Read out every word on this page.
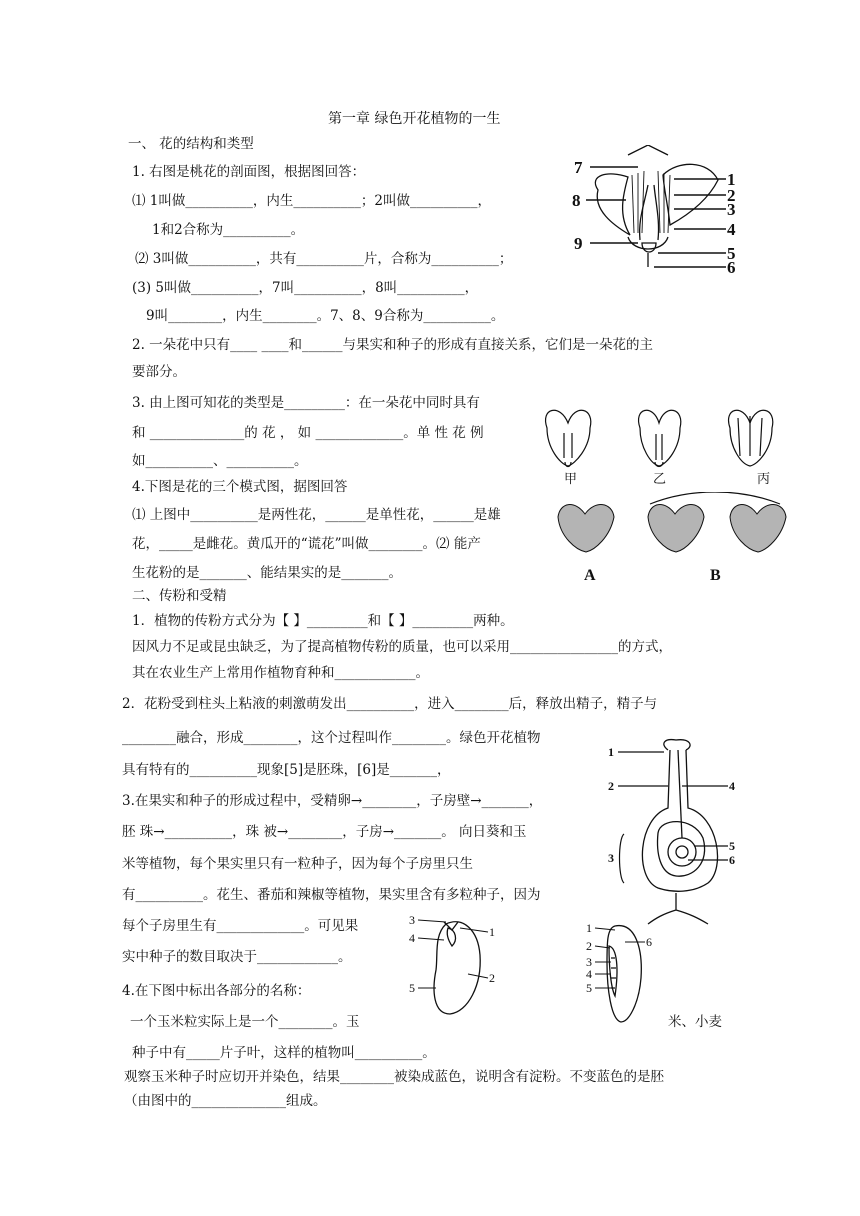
第一章 绿色开花植物的一生
一、 花的结构和类型
1. 右图是桃花的剖面图，根据图回答：
⑴ 1叫做__________，内生__________；2叫做__________，
1和2合称为__________。
⑵ 3叫做__________，共有__________片，合称为__________；
(3) 5叫做__________，7叫__________，8叫__________，
9叫________，内生________。7、8、9合称为__________。
2. 一朵花中只有____ ____和______与果实和种子的形成有直接关系，它们是一朵花的主
要部分。
3. 由上图可知花的类型是_________：在一朵花中同时具有
和 ______________的 花 ， 如 _____________。单 性 花 例
如__________、__________。
4.下图是花的三个模式图，据图回答
⑴ 上图中__________是两性花，______是单性花，______是雄
花，_____是雌花。黄瓜开的“谎花”叫做________。⑵ 能产
生花粉的是_______、能结果实的是_______。
二、传粉和受精
1．植物的传粉方式分为【 】_________和【 】_________两种。
因风力不足或昆虫缺乏，为了提高植物传粉的质量，也可以采用________________的方式，
其在农业生产上常用作植物育种和____________。
2．花粉受到柱头上粘液的刺激萌发出__________，进入________后，释放出精子，精子与
________融合，形成________，这个过程叫作________。绿色开花植物
具有特有的__________现象[5]是胚珠，[6]是_______，
3.在果实和种子的形成过程中，受精卵→________，子房壁→_______，
胚 珠→__________，珠 被→________，子房→_______。 向日葵和玉
米等植物，每个果实里只有一粒种子，因为每个子房里只生
有__________。花生、番茄和辣椒等植物，果实里含有多粒种子，因为
每个子房里生有_____________。可见果
实中种子的数目取决于____________。
4.在下图中标出各部分的名称：
一个玉米粒实际上是一个________。玉	米、小麦
种子中有_____片子叶，这样的植物叫__________。
观察玉米种子时应切开并染色，结果________被染成蓝色，说明含有淀粉。不变蓝色的是胚
（由图中的______________组成。
7
8
9
1
2
3
4
5
6
甲	乙	丙
A	B
1
2
3
4
5
6
3
4	1
2
5
1
2
3
4
5
6
